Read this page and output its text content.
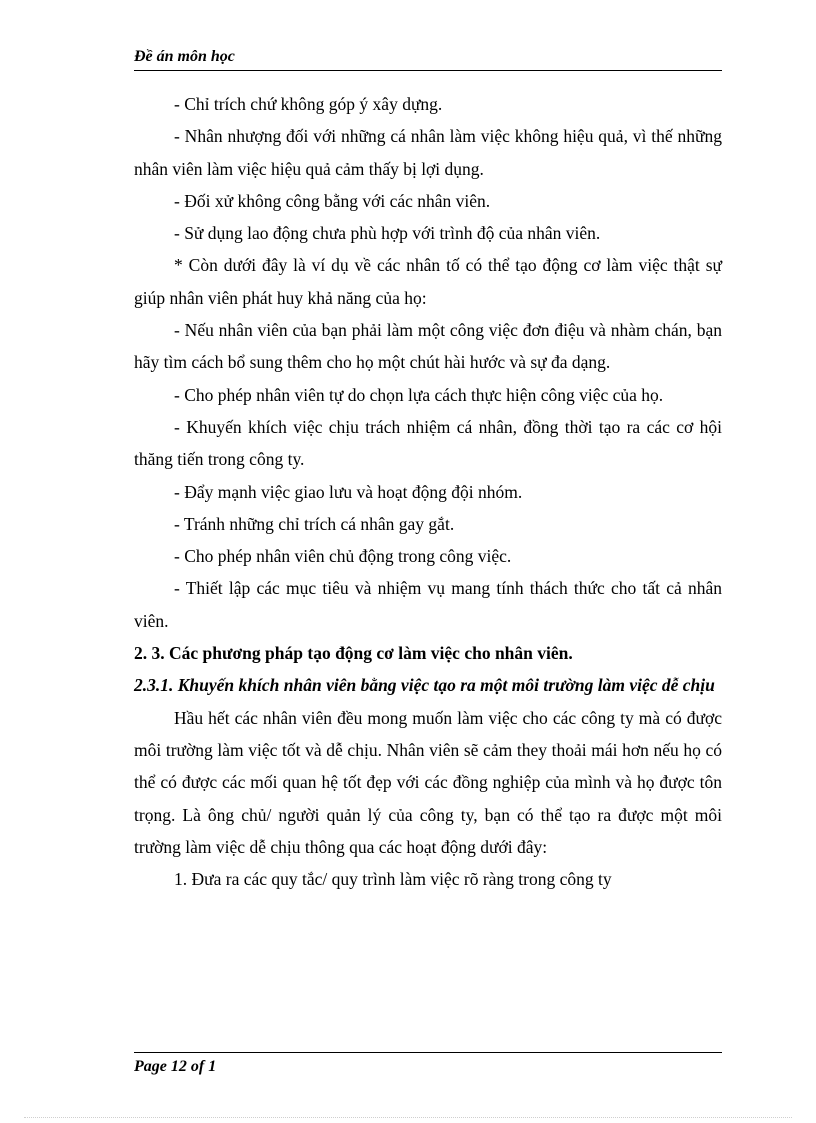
Đề án môn học

- Chỉ trích chứ không góp ý xây dựng.

- Nhân nhượng đối với những cá nhân làm việc không hiệu quả, vì thế những nhân viên làm việc hiệu quả cảm thấy bị lợi dụng.

- Đối xử không công bằng với các nhân viên.

- Sử dụng lao động chưa phù hợp với trình độ của nhân viên.

* Còn dưới đây là ví dụ về các nhân tố có thể tạo động cơ làm việc thật sự giúp nhân viên phát huy khả năng của họ:

- Nếu nhân viên của bạn phải làm một công việc đơn điệu và nhàm chán, bạn hãy tìm cách bổ sung thêm cho họ một chút hài hước và sự đa dạng.

- Cho phép nhân viên tự do chọn lựa cách thực hiện công việc của họ.

- Khuyến khích việc chịu trách nhiệm cá nhân, đồng thời tạo ra các cơ hội thăng tiến trong công ty.

- Đẩy mạnh việc giao lưu và hoạt động đội nhóm.

- Tránh những chỉ trích cá nhân gay gắt.

- Cho phép nhân viên chủ động trong công việc.

- Thiết lập các mục tiêu và nhiệm vụ mang tính thách thức cho tất cả nhân viên.

2. 3. Các phương pháp tạo động cơ làm việc cho nhân viên.

2.3.1. Khuyến khích nhân viên bằng việc tạo ra một môi trường làm việc dễ chịu

Hầu hết các nhân viên đều mong muốn làm việc cho các công ty mà có được môi trường làm việc tốt và dễ chịu. Nhân viên sẽ cảm they thoải mái hơn nếu họ có thể có được các mối quan hệ tốt đẹp với các đồng nghiệp của mình và họ được tôn trọng. Là ông chủ/ người quản lý của công ty, bạn có thể tạo ra được một môi trường làm việc dễ chịu thông qua các hoạt động dưới đây:

1. Đưa ra các quy tắc/ quy trình làm việc rõ ràng trong công ty

Page 12 of 1
